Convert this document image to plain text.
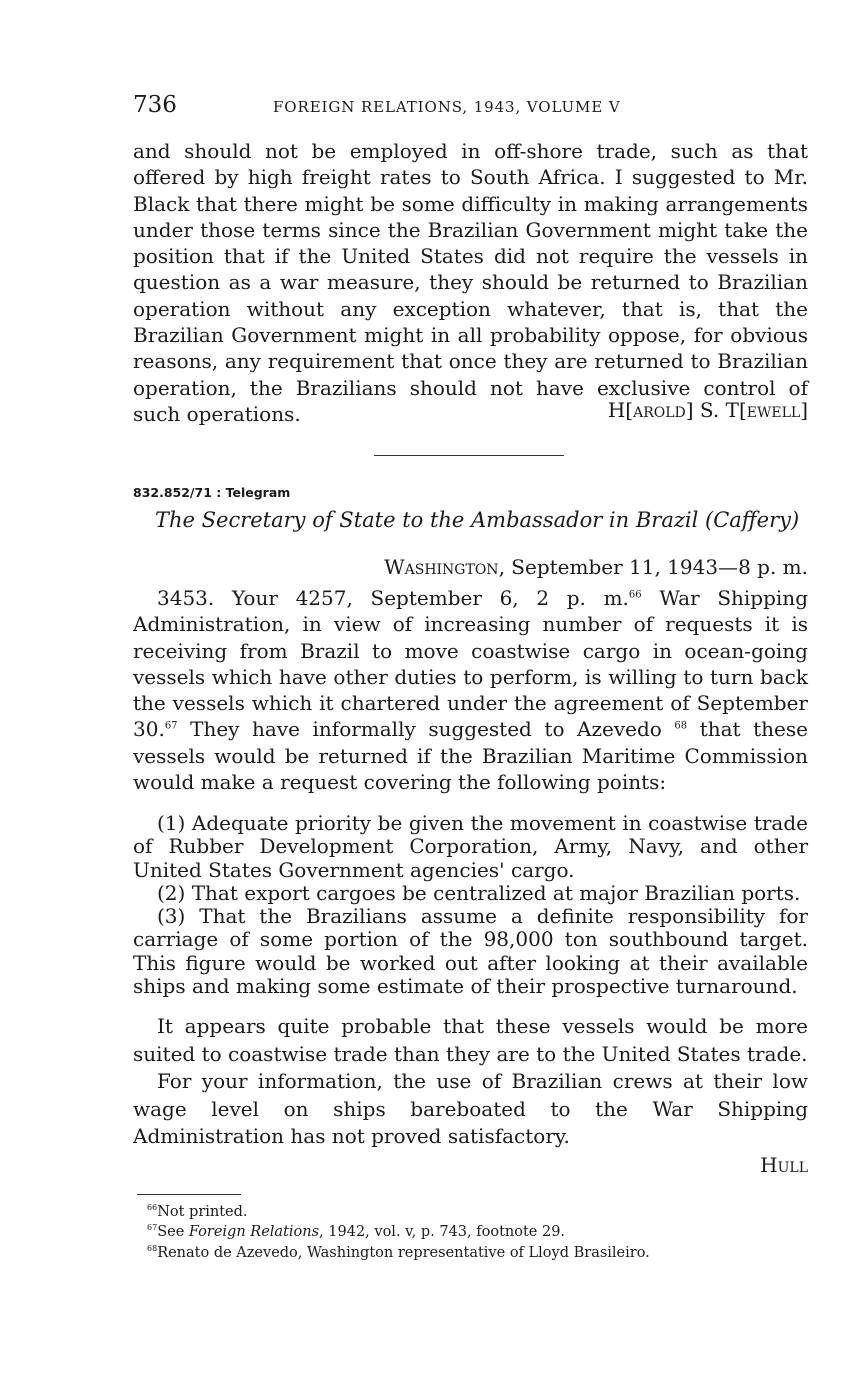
736	FOREIGN RELATIONS, 1943, VOLUME V

and should not be employed in off-shore trade, such as that offered by high freight rates to South Africa. I suggested to Mr. Black that there might be some difficulty in making arrangements under those terms since the Brazilian Government might take the position that if the United States did not require the vessels in question as a war measure, they should be returned to Brazilian operation without any exception whatever, that is, that the Brazilian Government might in all probability oppose, for obvious reasons, any requirement that once they are returned to Brazilian operation, the Brazilians should not have exclusive control of such operations.	H[arold] S. T[ewell]
832.852/71 : Telegram
The Secretary of State to the Ambassador in Brazil (Caffery)
Washington, September 11, 1943—8 p. m.

3453. Your 4257, September 6, 2 p. m.$^{66}$ War Shipping Administration, in view of increasing number of requests it is receiving from Brazil to move coastwise cargo in ocean-going vessels which have other duties to perform, is willing to turn back the vessels which it chartered under the agreement of September 30.67 They have informally suggested to Azevedo $^{68}$ that these vessels would be returned if the Brazilian Maritime Commission would make a request covering the following points:

(1) Adequate priority be given the movement in coastwise trade of Rubber Development Corporation, Army, Navy, and other United States Government agencies' cargo.

(2) That export cargoes be centralized at major Brazilian ports.

(3) That the Brazilians assume a definite responsibility for carriage of some portion of the 98,000 ton southbound target. This figure would be worked out after looking at their available ships and making some estimate of their prospective turnaround.

It appears quite probable that these vessels would be more suited to coastwise trade than they are to the United States trade.

For your information, the use of Brazilian crews at their low wage level on ships bareboated to the War Shipping Administration has not proved satisfactory.

Hull
$^{66}$Not printed.
$^{67}$See Foreign Relations, 1942, vol. v, p. 743, footnote 29.
$^{68}$Renato de Azevedo, Washington representative of Lloyd Brasileiro.
